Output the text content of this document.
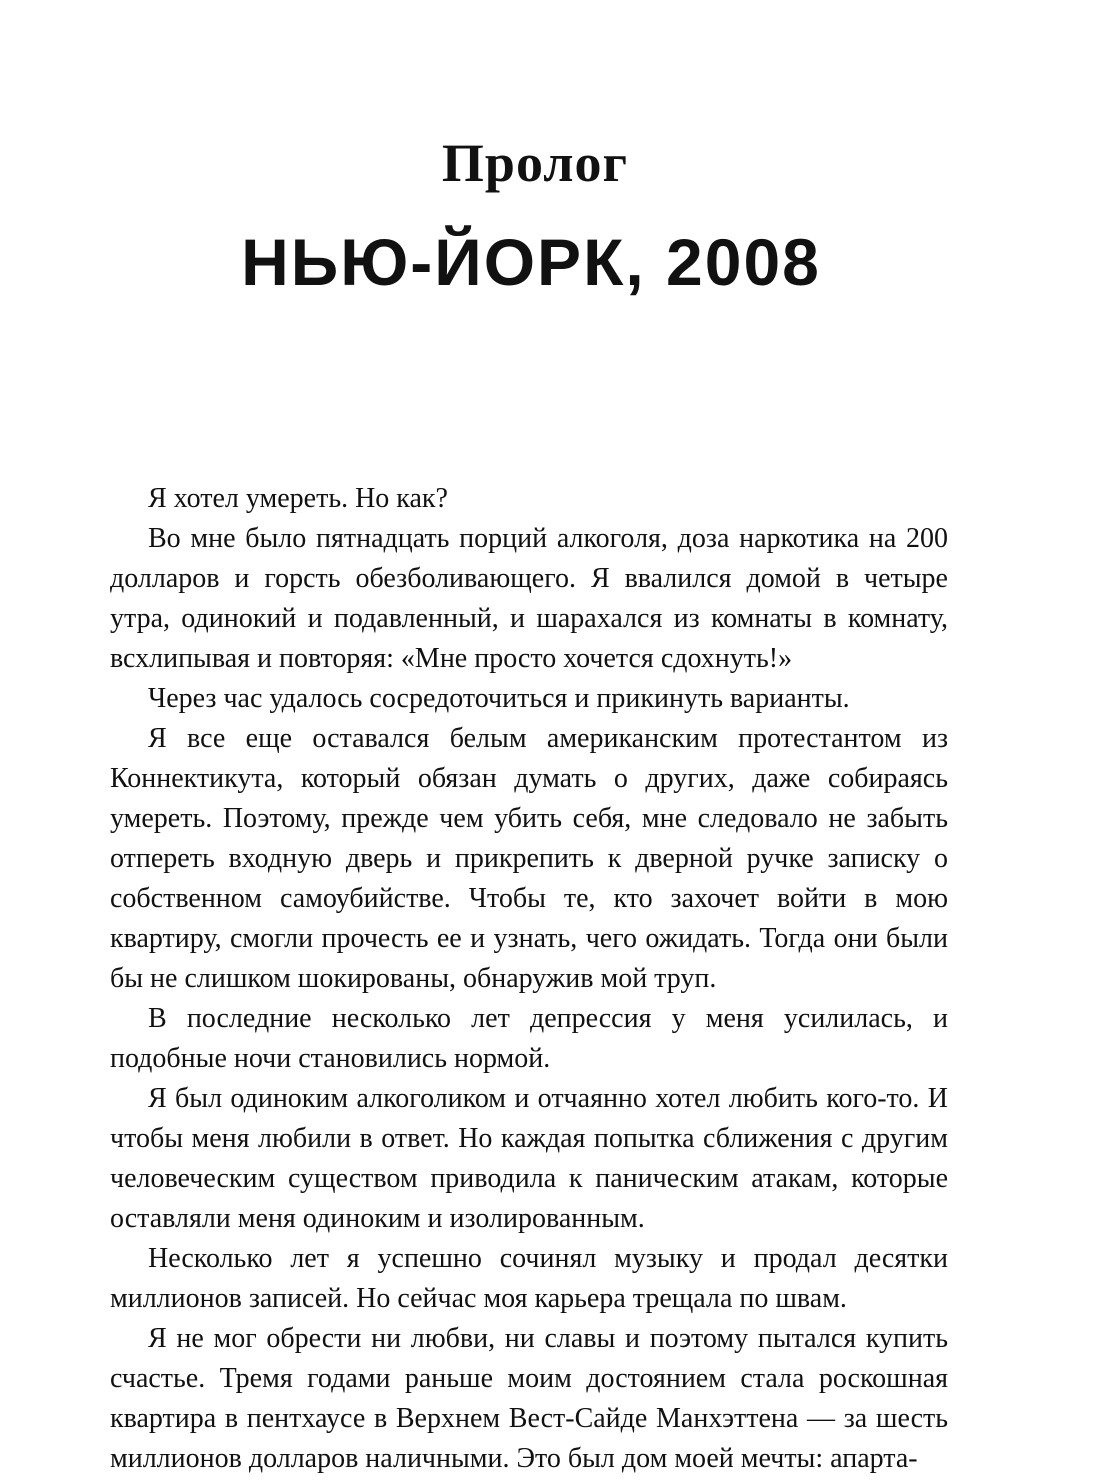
Пролог
НЬЮ-ЙОРК, 2008

Я хотел умереть. Но как?

Во мне было пятнадцать порций алкоголя, доза наркотика на 200 долларов и горсть обезболивающего. Я ввалился домой в четыре утра, одинокий и подавленный, и шарахался из комнаты в комнату, всхлипывая и повторяя: «Мне просто хочется сдохнуть!»

Через час удалось сосредоточиться и прикинуть варианты.

Я все еще оставался белым американским протестантом из Коннектикута, который обязан думать о других, даже собираясь умереть. Поэтому, прежде чем убить себя, мне следовало не забыть отпереть входную дверь и прикрепить к дверной ручке записку о собственном самоубийстве. Чтобы те, кто захочет войти в мою квартиру, смогли прочесть ее и узнать, чего ожидать. Тогда они были бы не слишком шокированы, обнаружив мой труп.

В последние несколько лет депрессия у меня усилилась, и подобные ночи становились нормой.

Я был одиноким алкоголиком и отчаянно хотел любить кого-то. И чтобы меня любили в ответ. Но каждая попытка сближения с другим человеческим существом приводила к паническим атакам, которые оставляли меня одиноким и изолированным.

Несколько лет я успешно сочинял музыку и продал десятки миллионов записей. Но сейчас моя карьера трещала по швам.

Я не мог обрести ни любви, ни славы и поэтому пытался купить счастье. Тремя годами раньше моим достоянием стала роскошная квартира в пентхаусе в Верхнем Вест-Сайде Манхэттена — за шесть миллионов долларов наличными. Это был дом моей мечты: апарта-
